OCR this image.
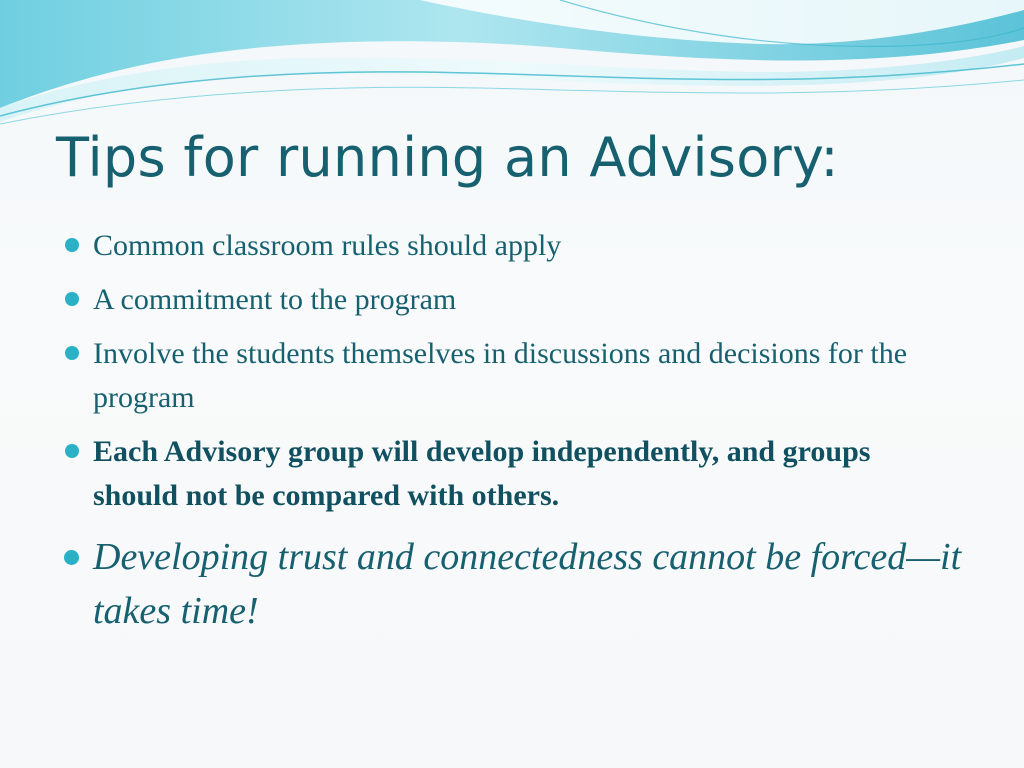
Tips for running an Advisory:
Common classroom rules should apply
A commitment to the program
Involve the students themselves in discussions and decisions for the program
Each Advisory group will develop independently, and groups should not be compared with others.
Developing trust and connectedness cannot be forced—it takes time!
